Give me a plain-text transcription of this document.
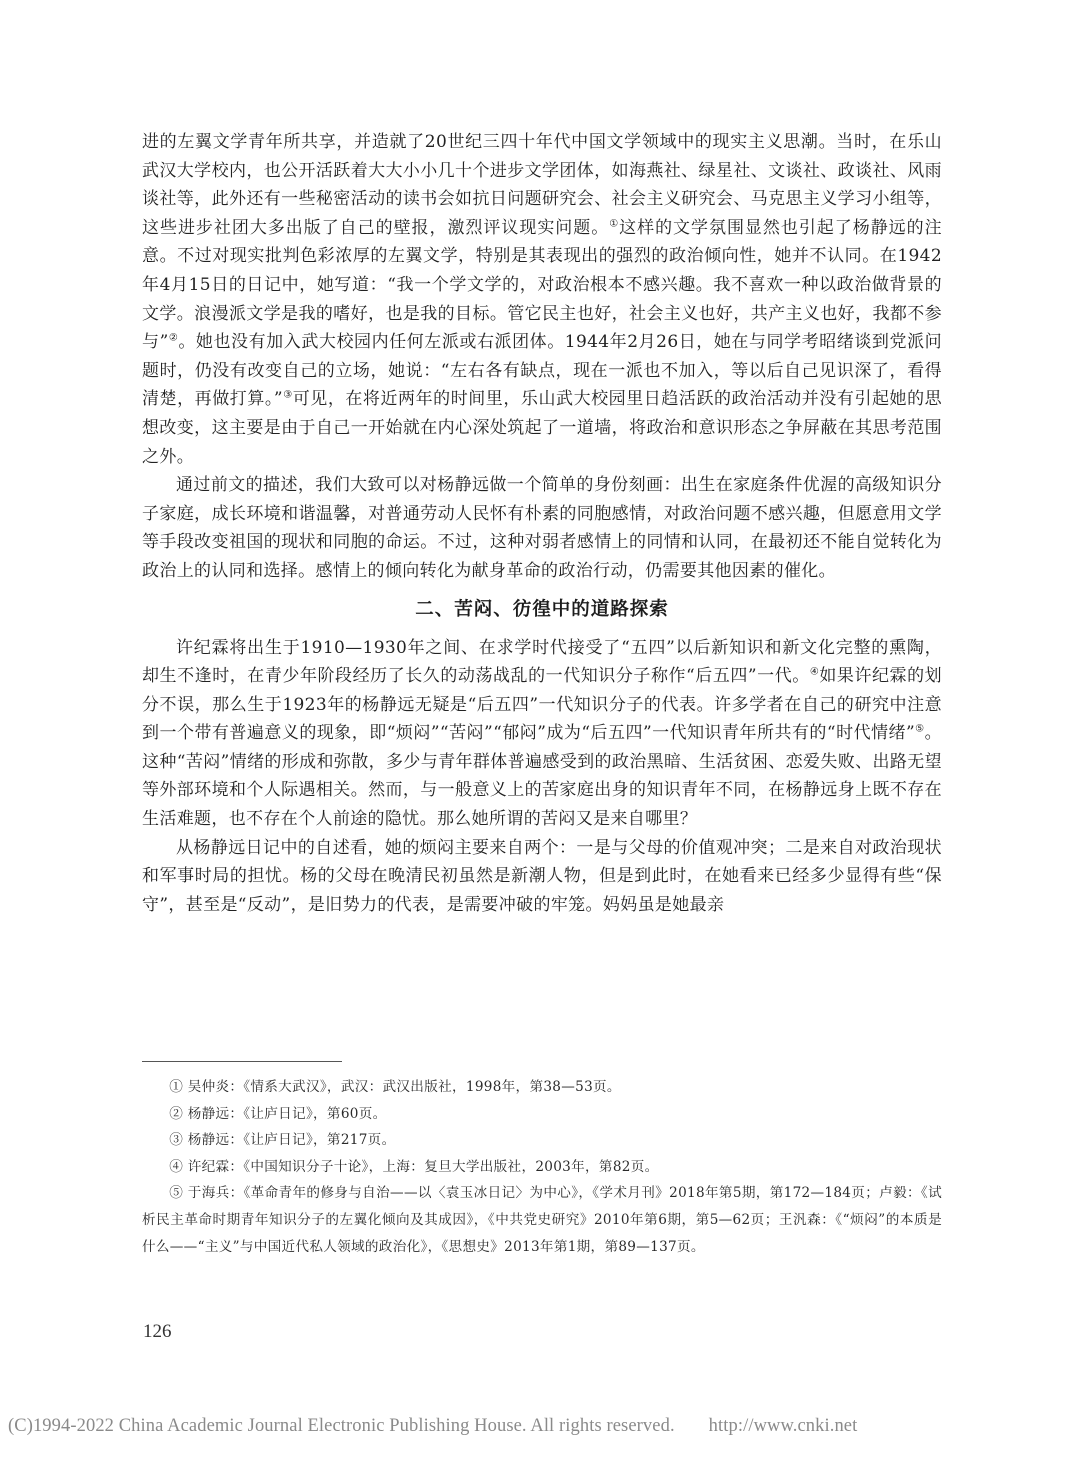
进的左翼文学青年所共享，并造就了20世纪三四十年代中国文学领域中的现实主义思潮。当时，在乐山武汉大学校内，也公开活跃着大大小小几十个进步文学团体，如海燕社、绿星社、文谈社、政谈社、风雨谈社等，此外还有一些秘密活动的读书会如抗日问题研究会、社会主义研究会、马克思主义学习小组等，这些进步社团大多出版了自己的壁报，激烈评议现实问题。①这样的文学氛围显然也引起了杨静远的注意。不过对现实批判色彩浓厚的左翼文学，特别是其表现出的强烈的政治倾向性，她并不认同。在1942年4月15日的日记中，她写道：“我一个学文学的，对政治根本不感兴趣。我不喜欢一种以政治做背景的文学。浪漫派文学是我的嗜好，也是我的目标。管它民主也好，社会主义也好，共产主义也好，我都不参与”②。她也没有加入武大校园内任何左派或右派团体。1944年2月26日，她在与同学考昭绪谈到党派问题时，仍没有改变自己的立场，她说：“左右各有缺点，现在一派也不加入，等以后自己见识深了，看得清楚，再做打算。”③可见，在将近两年的时间里，乐山武大校园里日趋活跃的政治活动并没有引起她的思想改变，这主要是由于自己一开始就在内心深处筑起了一道墙，将政治和意识形态之争屏蔽在其思考范围之外。

通过前文的描述，我们大致可以对杨静远做一个简单的身份刻画：出生在家庭条件优渥的高级知识分子家庭，成长环境和谐温馨，对普通劳动人民怀有朴素的同胞感情，对政治问题不感兴趣，但愿意用文学等手段改变祖国的现状和同胞的命运。不过，这种对弱者感情上的同情和认同，在最初还不能自觉转化为政治上的认同和选择。感情上的倾向转化为献身革命的政治行动，仍需要其他因素的催化。

二、苦闷、彷徨中的道路探索

许纪霖将出生于1910—1930年之间、在求学时代接受了“五四”以后新知识和新文化完整的熏陶，却生不逢时，在青少年阶段经历了长久的动荡战乱的一代知识分子称作“后五四”一代。④如果许纪霖的划分不误，那么生于1923年的杨静远无疑是“后五四”一代知识分子的代表。许多学者在自己的研究中注意到一个带有普遍意义的现象，即“烦闷”“苦闷”“郁闷”成为“后五四”一代知识青年所共有的“时代情绪”⑤。这种“苦闷”情绪的形成和弥散，多少与青年群体普遍感受到的政治黑暗、生活贫困、恋爱失败、出路无望等外部环境和个人际遇相关。然而，与一般意义上的苦家庭出身的知识青年不同，在杨静远身上既不存在生活难题，也不存在个人前途的隐忧。那么她所谓的苦闷又是来自哪里？

从杨静远日记中的自述看，她的烦闷主要来自两个：一是与父母的价值观冲突；二是来自对政治现状和军事时局的担忧。杨的父母在晚清民初虽然是新潮人物，但是到此时，在她看来已经多少显得有些“保守”，甚至是“反动”，是旧势力的代表，是需要冲破的牢笼。妈妈虽是她最亲

① 吴仲炎：《情系大武汉》，武汉：武汉出版社，1998年，第38—53页。

② 杨静远：《让庐日记》，第60页。

③ 杨静远：《让庐日记》，第217页。

④ 许纪霖：《中国知识分子十论》，上海：复旦大学出版社，2003年，第82页。

⑤ 于海兵：《革命青年的修身与自治——以〈袁玉冰日记〉为中心》，《学术月刊》2018年第5期，第172—184页；卢毅：《试析民主革命时期青年知识分子的左翼化倾向及其成因》，《中共党史研究》2010年第6期，第5—62页；王汎森：《“烦闷”的本质是什么——“主义”与中国近代私人领域的政治化》，《思想史》2013年第1期，第89—137页。

126
(C)1994-2022 China Academic Journal Electronic Publishing House. All rights reserved. http://www.cnki.net
